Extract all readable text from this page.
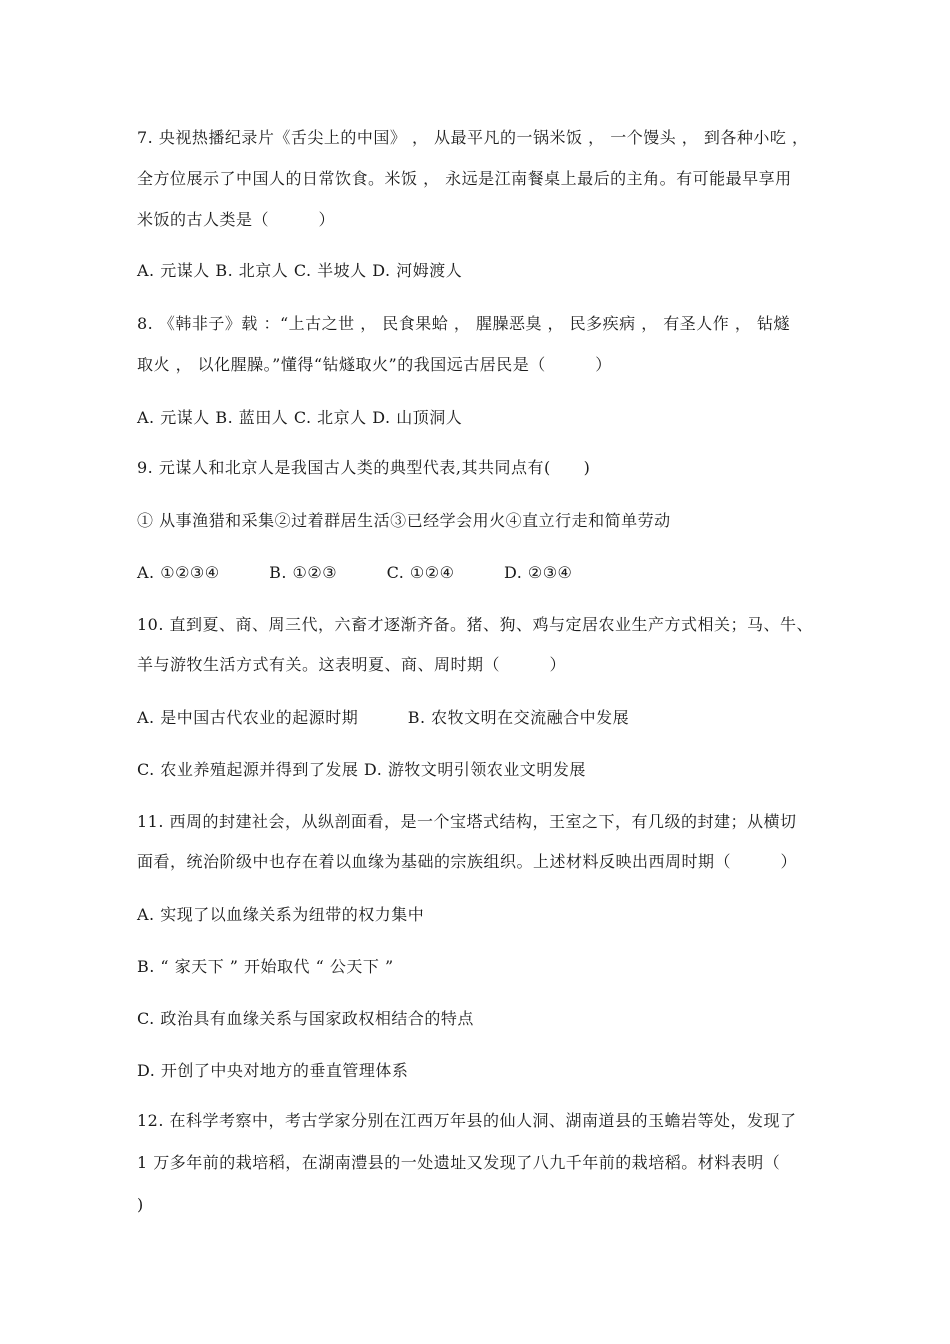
7. 央视热播纪录片《舌尖上的中国》 ， 从最平凡的一锅米饭 ， 一个馒头 ， 到各种小吃 ，
全方位展示了中国人的日常饮食。米饭 ， 永远是江南餐桌上最后的主角。有可能最早享用
米饭的古人类是（　　　）
A. 元谋人 B. 北京人 C. 半坡人 D. 河姆渡人
8. 《韩非子》载 ：“上古之世 ， 民食果蛤 ， 腥臊恶臭 ， 民多疾病 ， 有圣人作 ， 钻燧
取火 ， 以化腥臊。”懂得“钻燧取火”的我国远古居民是（　　　）
A. 元谋人 B. 蓝田人 C. 北京人 D. 山顶洞人
9. 元谋人和北京人是我国古人类的典型代表,其共同点有(　　)
① 从事渔猎和采集②过着群居生活③已经学会用火④直立行走和简单劳动
A. ①②③④　　　B. ①②③　　　C. ①②④　　　D. ②③④
10. 直到夏、商、周三代，六畜才逐渐齐备。猪、狗、鸡与定居农业生产方式相关；马、牛、
羊与游牧生活方式有关。这表明夏、商、周时期（　　　）
A. 是中国古代农业的起源时期　　　B. 农牧文明在交流融合中发展
C. 农业养殖起源并得到了发展 D. 游牧文明引领农业文明发展
11. 西周的封建社会，从纵剖面看，是一个宝塔式结构，王室之下，有几级的封建；从横切
面看，统治阶级中也存在着以血缘为基础的宗族组织。上述材料反映出西周时期（　　　）
A. 实现了以血缘关系为纽带的权力集中
B. “ 家天下 ” 开始取代 “ 公天下 ”
C. 政治具有血缘关系与国家政权相结合的特点
D. 开创了中央对地方的垂直管理体系
12. 在科学考察中，考古学家分别在江西万年县的仙人洞、湖南道县的玉蟾岩等处，发现了
1 万多年前的栽培稻，在湖南澧县的一处遗址又发现了八九千年前的栽培稻。材料表明（
)
